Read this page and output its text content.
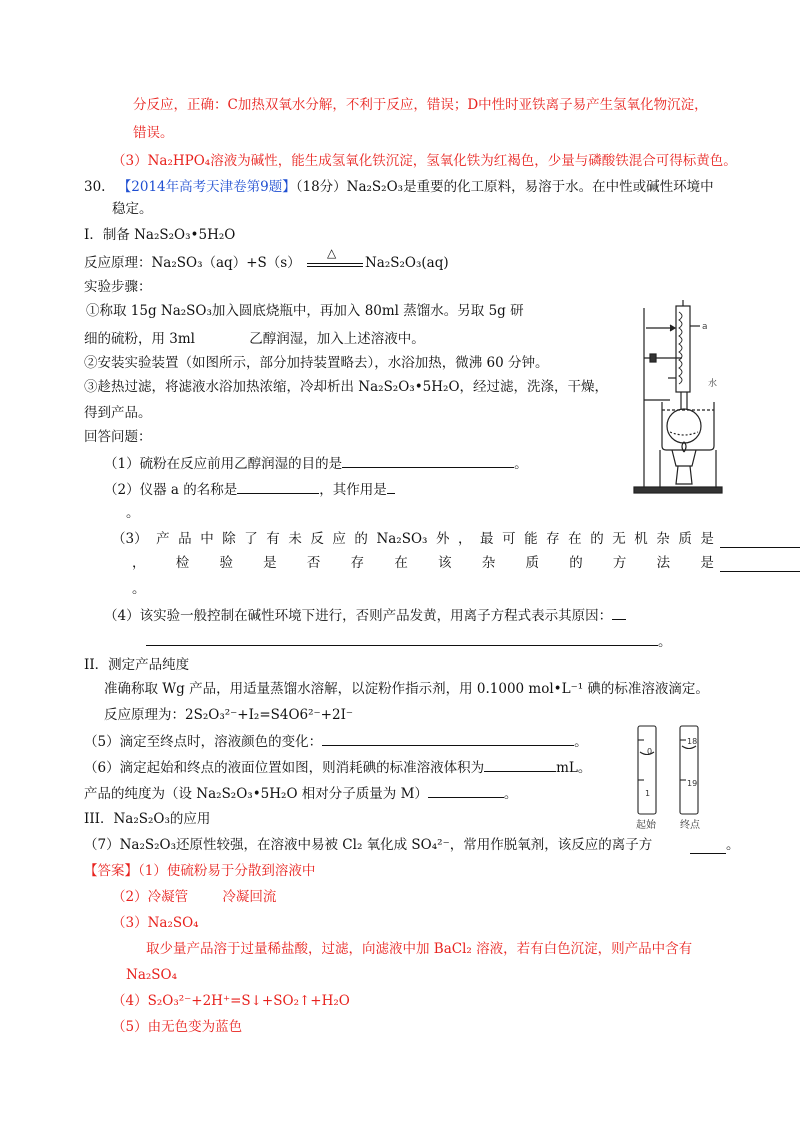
分反应，正确：C加热双氧水分解，不利于反应，错误；D中性时亚铁离子易产生氢氧化物沉淀，
错误。
（3）Na₂HPO₄溶液为碱性，能生成氢氧化铁沉淀，氢氧化铁为红褐色，少量与磷酸铁混合可得标黄色。
30. 【2014年高考天津卷第9题】（18分）Na₂S₂O₃是重要的化工原料，易溶于水。在中性或碱性环境中
稳定。
I．制备 Na₂S₂O₃•5H₂O
反应原理：Na₂SO₃（aq）+S（s）
△
Na₂S₂O₃(aq)
实验步骤：
①称取 15g Na₂SO₃加入圆底烧瓶中，再加入 80ml 蒸馏水。另取 5g 研
细的硫粉，用 3ml	乙醇润湿，加入上述溶液中。
②安装实验装置（如图所示，部分加持装置略去），水浴加热，微沸 60 分钟。
③趁热过滤，将滤液水浴加热浓缩，冷却析出 Na₂S₂O₃•5H₂O，经过滤，洗涤，干燥，
得到产品。
回答问题：
（1）硫粉在反应前用乙醇润湿的目的是	。
（2）仪器 a 的名称是	，其作用是
。
（3） 产 品 中 除 了 有 未 反 应 的 Na₂SO₃ 外 ， 最 可 能 存 在 的 无 机 杂 质 是
， 检 验 是 否 存 在 该 杂 质 的 方 法 是
。
（4）该实验一般控制在碱性环境下进行，否则产品发黄，用离子方程式表示其原因：
。
II．测定产品纯度
准确称取 Wg 产品，用适量蒸馏水溶解，以淀粉作指示剂，用 0.1000 mol•L⁻¹ 碘的标准溶液滴定。
反应原理为：2S₂O₃²⁻+I₂=S4O6²⁻+2I⁻
（5）滴定至终点时，溶液颜色的变化：	。
（6）滴定起始和终点的液面位置如图，则消耗碘的标准溶液体积为	mL。
产品的纯度为（设 Na₂S₂O₃•5H₂O 相对分子质量为 M）	。
III．Na₂S₂O₃的应用
（7）Na₂S₂O₃还原性较强，在溶液中易被 Cl₂ 氧化成 SO₄²⁻，常用作脱氧剂，该反应的离子方	。
【答案】（1）使硫粉易于分散到溶液中
（2）冷凝管	冷凝回流
（3）Na₂SO₄
取少量产品溶于过量稀盐酸，过滤，向滤液中加 BaCl₂ 溶液，若有白色沉淀，则产品中含有
Na₂SO₄
（4）S₂O₃²⁻+2H⁺=S↓+SO₂↑+H₂O
（5）由无色变为蓝色
a
水
0
1
18
19
起始 终点
